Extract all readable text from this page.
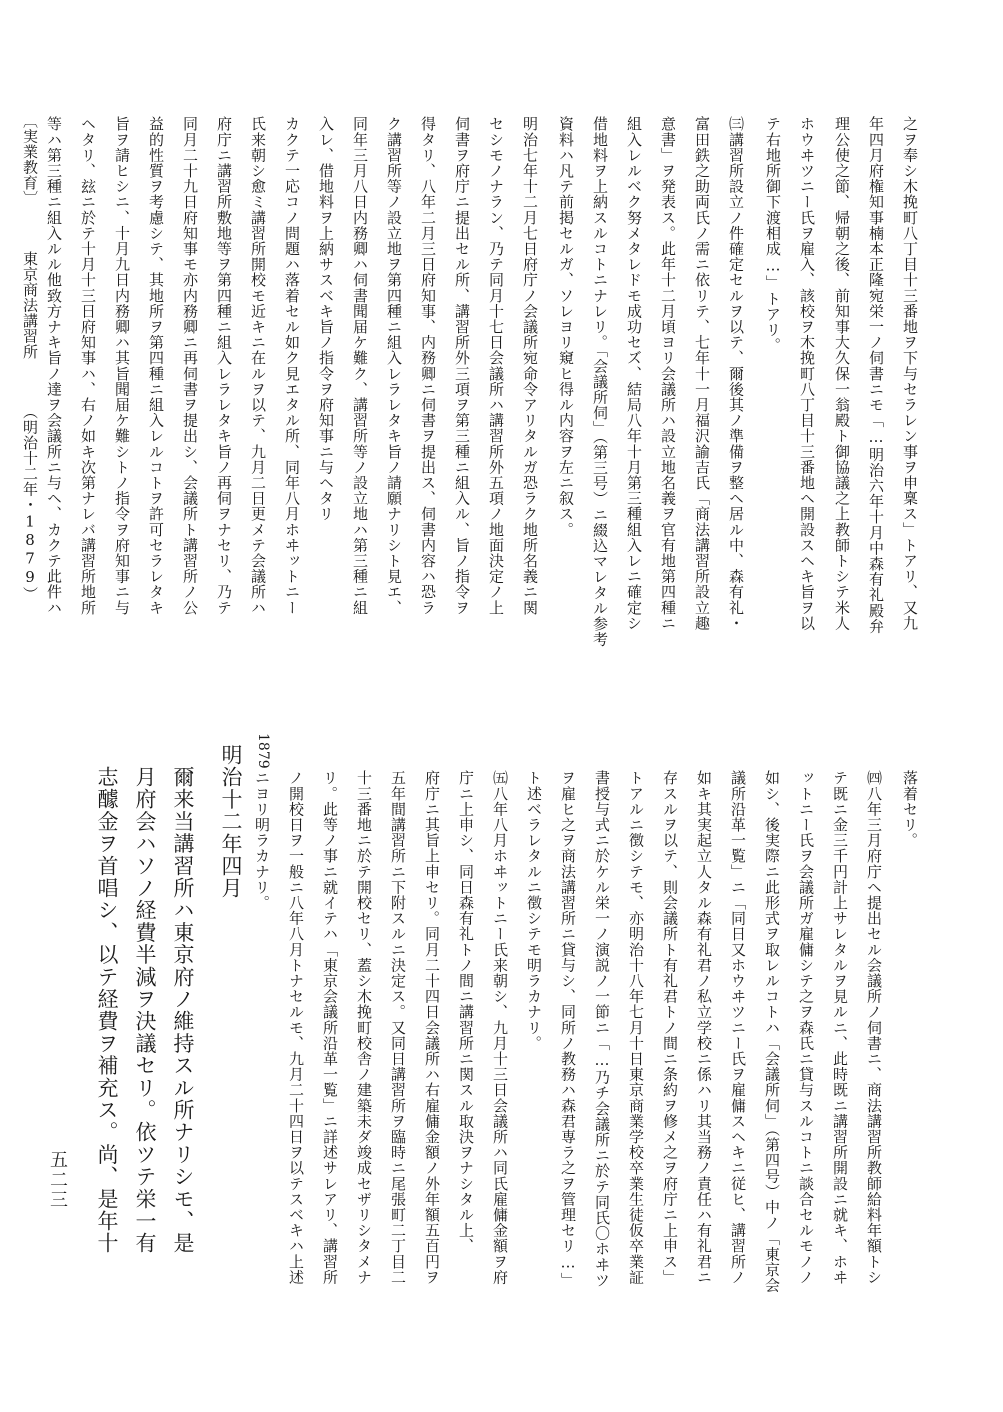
〔実業教育〕 東京商法講習所 （明治十二年・1879）	之ヲ奉シ木挽町八丁目十三番地ヲ下与セラレン事ヲ申稟ス」トアリ、又九
年四月府権知事楠本正隆宛栄一ノ伺書ニモ「…明治六年十月中森有礼殿弁
理公使之節、帰朝之後、前知事大久保一翁殿ト御協議之上教師トシテ米人
ホウヰツニー氏ヲ雇入、該校ヲ木挽町八丁目十三番地ヘ開設スヘキ旨ヲ以
テ右地所御下渡相成…」トアリ。
㈢講習所設立ノ件確定セルヲ以テ、爾後其ノ準備ヲ整ヘ居ル中、森有礼・
富田鉄之助両氏ノ需ニ依リテ、七年十一月福沢諭吉氏「商法講習所設立趣
意書」ヲ発表ス。此年十二月頃ヨリ会議所ハ設立地名義ヲ官有地第四種ニ
組入レルベク努メタレドモ成功セズ、結局八年十月第三種組入レニ確定シ
借地料ヲ上納スルコトニナレリ。「会議所伺」（第三号）ニ綴込マレタル参考
資料ハ凡テ前掲セルガ、ソレヨリ窺ヒ得ル内容ヲ左ニ叙ス。
明治七年十二月七日府庁ノ会議所宛命令アリタルガ恐ラク地所名義ニ関
セシモノナラン、乃テ同月十七日会議所ハ講習所外五項ノ地面決定ノ上
伺書ヲ府庁ニ提出セル所、講習所外三項ヲ第三種ニ組入ル、旨ノ指令ヲ
得タリ、八年二月三日府知事、内務卿ニ伺書ヲ提出ス、伺書内容ハ恐ラ
ク講習所等ノ設立地ヲ第四種ニ組入レラレタキ旨ノ請願ナリシト見エ、
同年三月八日内務卿ハ伺書聞届ケ難ク、講習所等ノ設立地ハ第三種ニ組
入レ、借地料ヲ上納サスベキ旨ノ指令ヲ府知事ニ与ヘタリ
カクテ一応コノ問題ハ落着セル如ク見エタル所、同年八月ホヰットニー
氏来朝シ愈ミ講習所開校モ近キニ在ルヲ以テ、九月二日更メテ会議所ハ
府庁ニ講習所敷地等ヲ第四種ニ組入レラレタキ旨ノ再伺ヲナセリ、乃テ
同月二十九日府知事モ亦内務卿ニ再伺書ヲ提出シ、会議所ト講習所ノ公
益的性質ヲ考慮シテ、其地所ヲ第四種ニ組入レルコトヲ許可セラレタキ
旨ヲ請ヒシニ、十月九日内務卿ハ其旨聞届ケ難シトノ指令ヲ府知事ニ与
ヘタリ、玆ニ於テ十月十三日府知事ハ、右ノ如キ次第ナレバ講習所地所
等ハ第三種ニ組入ルル他致方ナキ旨ノ達ヲ会議所ニ与ヘ、カクテ此件ハ
落着セリ。
㈣八年三月府庁ヘ提出セル会議所ノ伺書ニ、商法講習所教師給料年額トシ
テ既ニ金三千円計上サレタルヲ見ルニ、此時既ニ講習所開設ニ就キ、ホヰ
ットニー氏ヲ会議所ガ雇傭シテ之ヲ森氏ニ貸与スルコトニ談合セルモノノ
如シ、後実際ニ此形式ヲ取レルコトハ「会議所伺」（第四号）中ノ「東京会
議所沿革一覧」ニ「同日又ホウヰツニー氏ヲ雇傭スヘキニ従ヒ、講習所ノ
如キ其実起立人タル森有礼君ノ私立学校ニ係ハリ其当務ノ責任ハ有礼君ニ
存スルヲ以テ、則会議所ト有礼君トノ間ニ条約ヲ修メ之ヲ府庁ニ上申ス」
トアルニ徴シテモ、亦明治十八年七月十日東京商業学校卒業生徒仮卒業証
書授与式ニ於ケル栄一ノ演説ノ一節ニ「…乃チ会議所ニ於テ同氏〇ホヰツ
ヲ雇ヒ之ヲ商法講習所ニ貸与シ、同所ノ教務ハ森君専ラ之ヲ管理セリ…」
ト述ベラレタルニ徴シテモ明ラカナリ。
㈤八年八月ホヰットニー氏来朝シ、九月十三日会議所ハ同氏雇傭金額ヲ府
庁ニ上申シ、同日森有礼トノ間ニ講習所ニ関スル取決ヲナシタル上、
府庁ニ其旨上申セリ。同月二十四日会議所ハ右雇傭金額ノ外年額五百円ヲ
五年間講習所ニ下附スルニ決定ス。又同日講習所ヲ臨時ニ尾張町二丁目二
十三番地ニ於テ開校セリ、蓋シ木挽町校舎ノ建築未ダ竣成セザリシタメナ
リ。此等ノ事ニ就イテハ「東京会議所沿革一覧」ニ詳述サレアリ、講習所
ノ開校日ヲ一般ニ八年八月トナセルモ、九月二十四日ヲ以テスベキハ上述
ニヨリ明ラカナリ。
1879
明治十二年四月
爾来当講習所ハ東京府ノ維持スル所ナリシモ、是
月府会ハソノ経費半減ヲ決議セリ。依ツテ栄一有
志醵金ヲ首唱シ、以テ経費ヲ補充ス。尚、是年十
五二三
